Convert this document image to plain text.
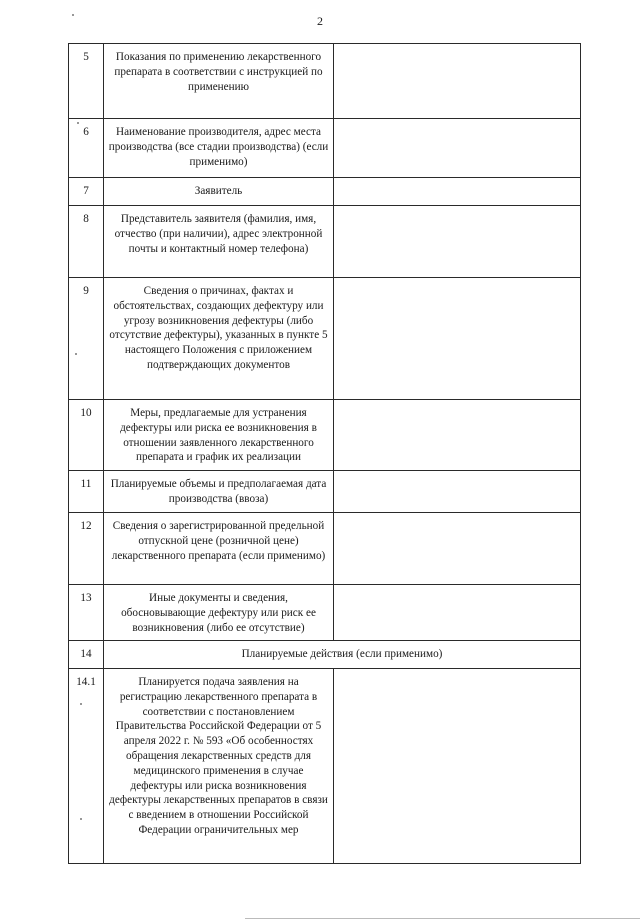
2
5	Показания по применению лекарственного препарата в соответствии с инструкцией по применению	
6	Наименование производителя, адрес места производства (все стадии производства) (если применимо)	
7	Заявитель	
8	Представитель заявителя (фамилия, имя, отчество (при наличии), адрес электронной почты и контактный номер телефона)	
9	Сведения о причинах, фактах и обстоятельствах, создающих дефектуру или угрозу возникновения дефектуры (либо отсутствие дефектуры), указанных в пункте 5 настоящего Положения с приложением подтверждающих документов	
10	Меры, предлагаемые для устранения дефектуры или риска ее возникновения в отношении заявленного лекарственного препарата и график их реализации	
11	Планируемые объемы и предполагаемая дата производства (ввоза)	
12	Сведения о зарегистрированной предельной отпускной цене (розничной цене) лекарственного препарата (если применимо)	
13	Иные документы и сведения, обосновывающие дефектуру или риск ее возникновения (либо ее отсутствие)	
14	Планируемые действия (если применимо)	
14.1	Планируется подача заявления на регистрацию лекарственного препарата в соответствии с постановлением Правительства Российской Федерации от 5 апреля 2022 г. № 593 «Об особенностях обращения лекарственных средств для медицинского применения в случае дефектуры или риска возникновения дефектуры лекарственных препаратов в связи с введением в отношении Российской Федерации ограничительных мер	
